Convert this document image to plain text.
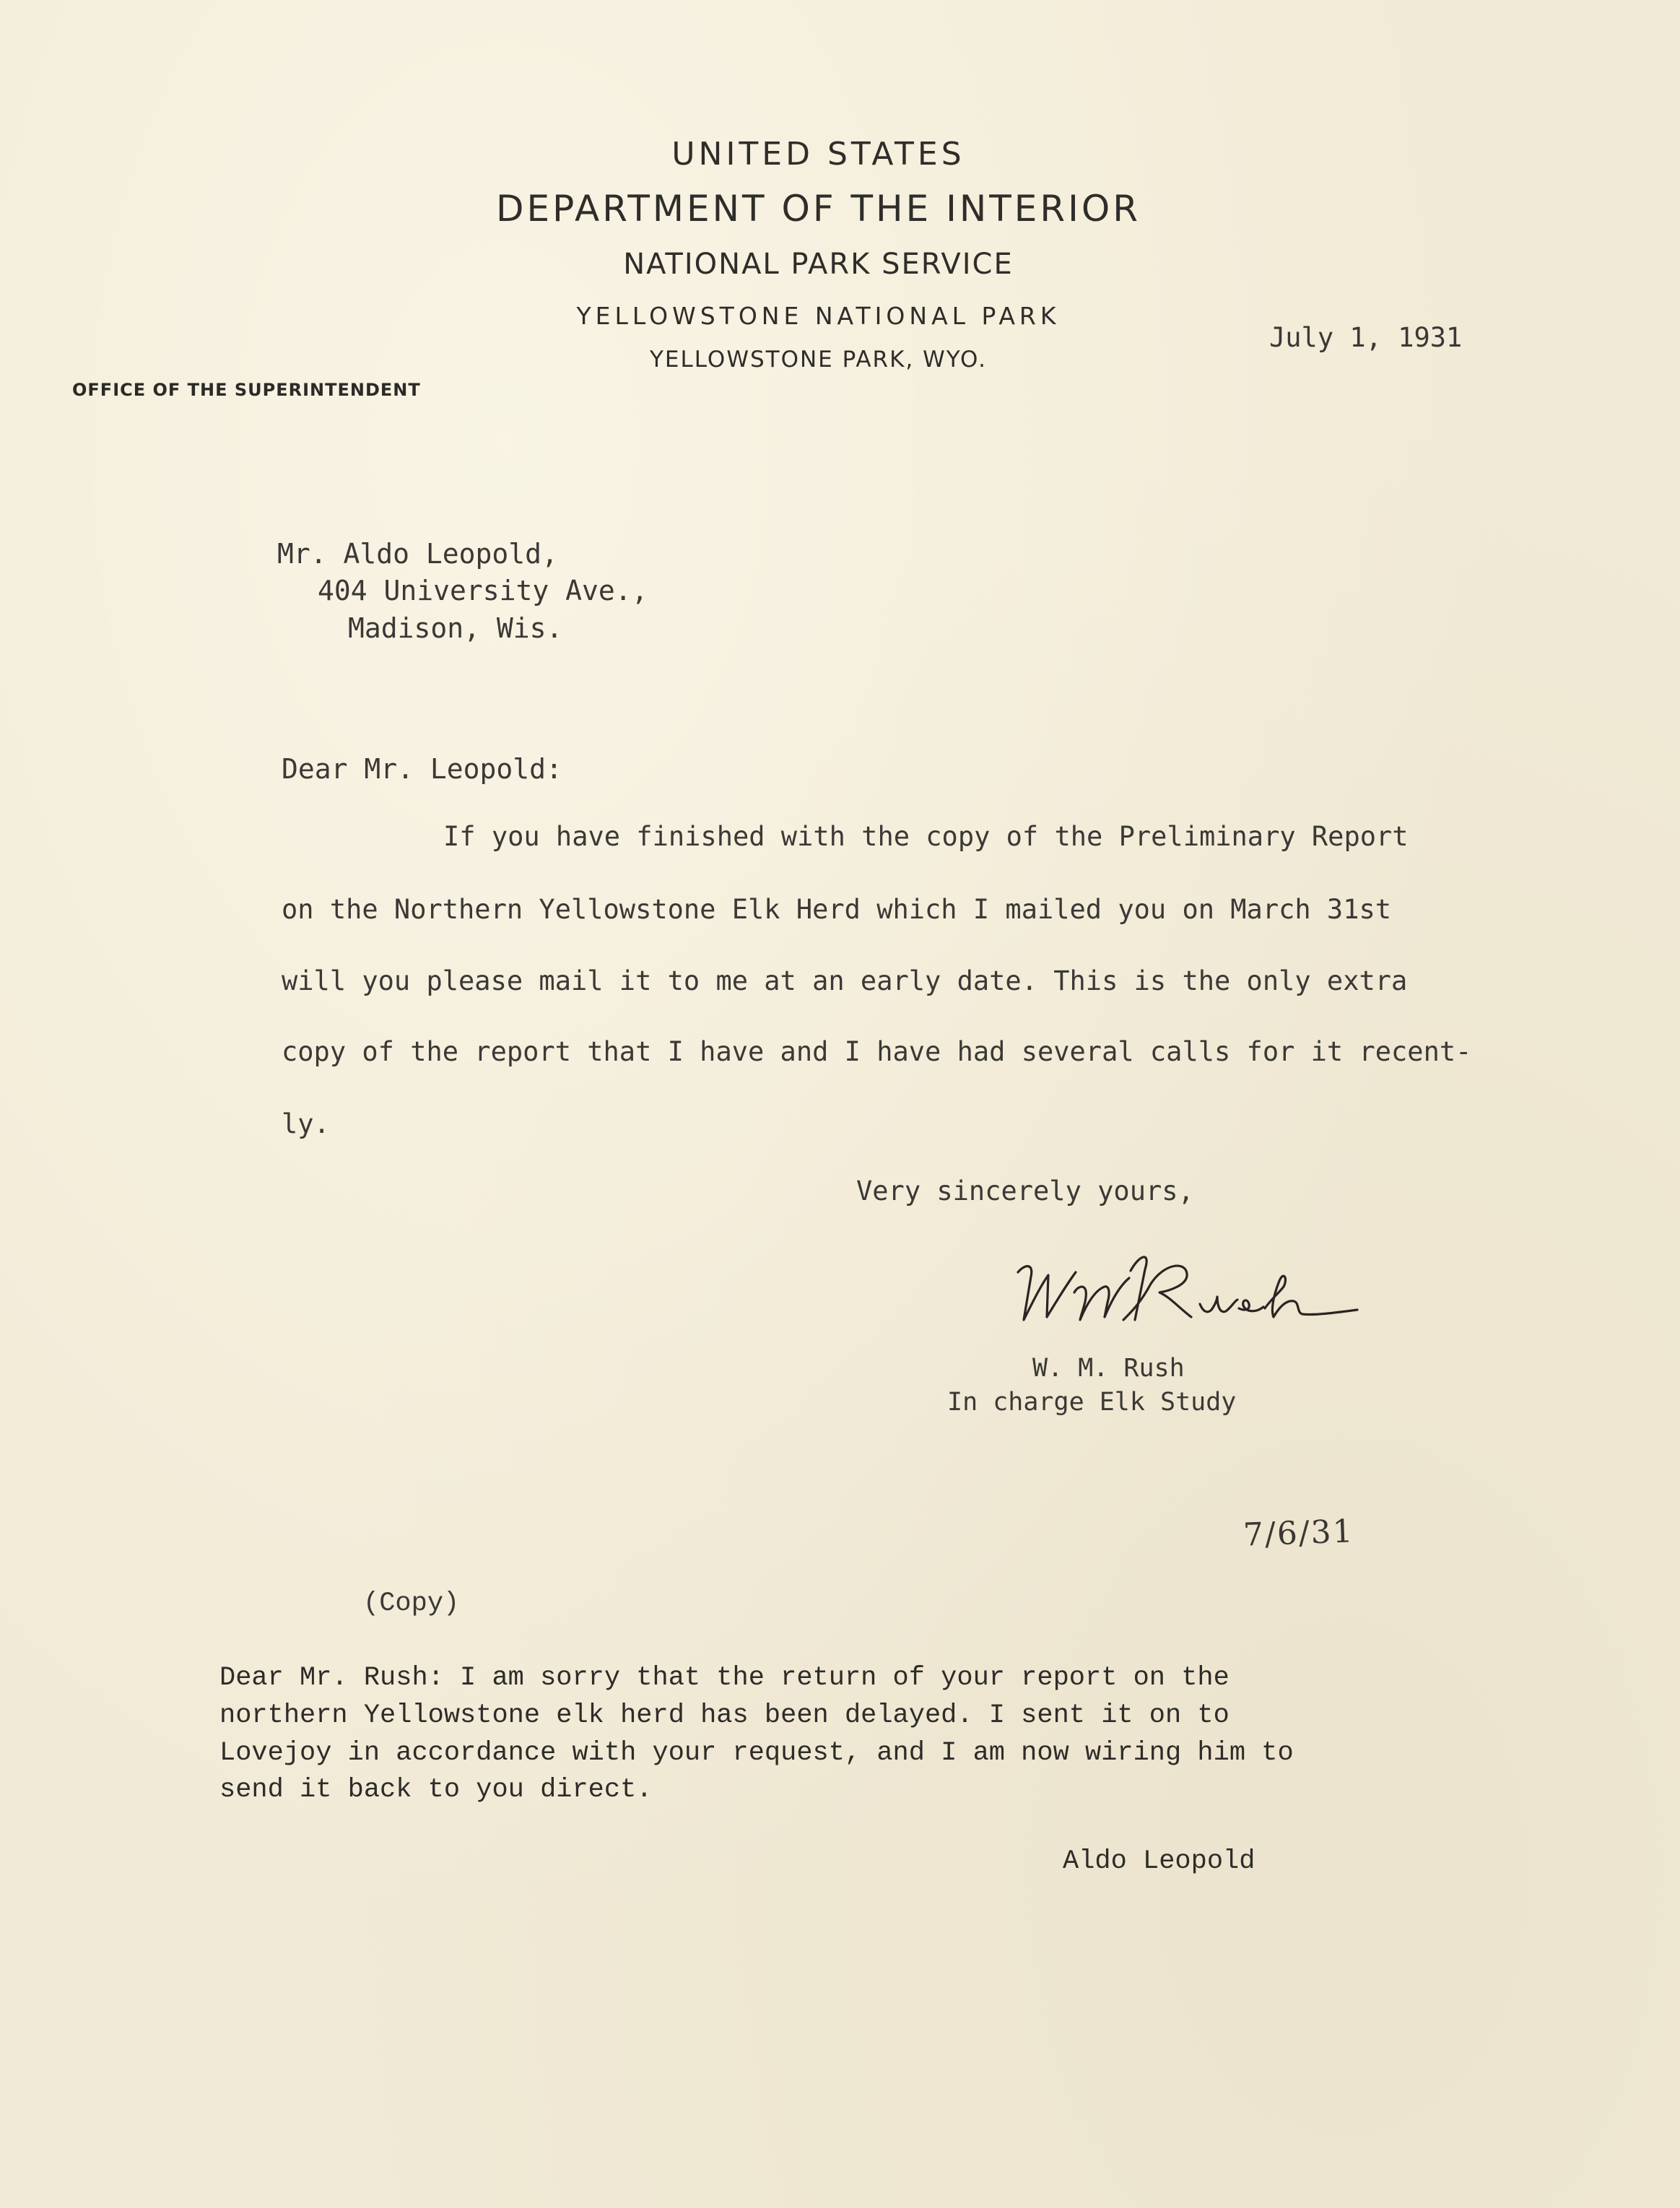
UNITED STATES
DEPARTMENT OF THE INTERIOR
NATIONAL PARK SERVICE
YELLOWSTONE NATIONAL PARK
YELLOWSTONE PARK, WYO.
OFFICE OF THE SUPERINTENDENT
July 1, 1931
Mr. Aldo Leopold,
404 University Ave.,
Madison, Wis.
Dear Mr. Leopold:
If you have finished with the copy of the Preliminary Report
on the Northern Yellowstone Elk Herd which I mailed you on March 31st
will you please mail it to me at an early date. This is the only extra
copy of the report that I have and I have had several calls for it recent-
ly.
Very sincerely yours,
W. M. Rush
In charge Elk Study
7/6/31
(Copy)
Dear Mr. Rush: I am sorry that the return of your report on the
northern Yellowstone elk herd has been delayed. I sent it on to
Lovejoy in accordance with your request, and I am now wiring him to
send it back to you direct.
Aldo Leopold
